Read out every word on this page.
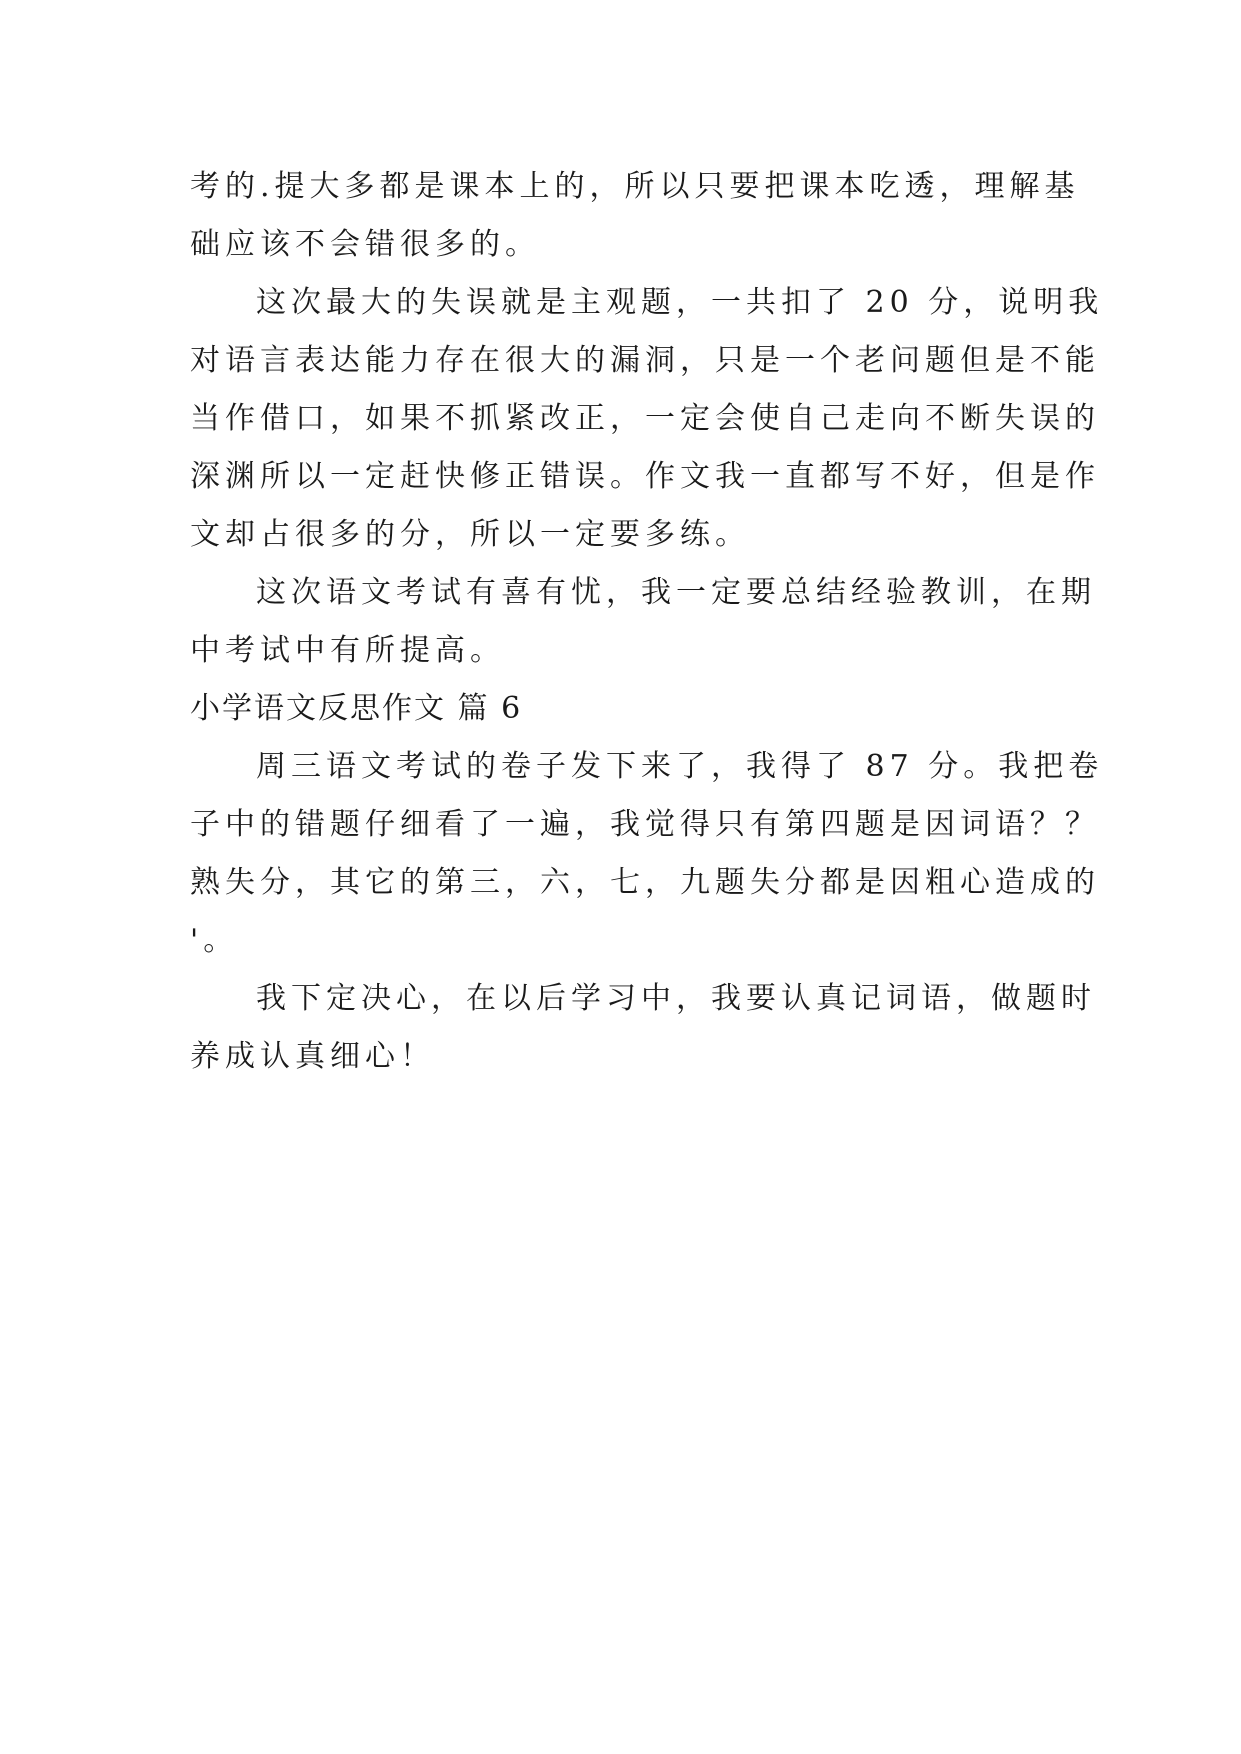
考的.提大多都是课本上的，所以只要把课本吃透，理解基
础应该不会错很多的。
这次最大的失误就是主观题，一共扣了 20 分，说明我
对语言表达能力存在很大的漏洞，只是一个老问题但是不能
当作借口，如果不抓紧改正，一定会使自己走向不断失误的
深渊所以一定赶快修正错误。作文我一直都写不好，但是作
文却占很多的分，所以一定要多练。
这次语文考试有喜有忧，我一定要总结经验教训，在期
中考试中有所提高。
小学语文反思作文 篇 6
周三语文考试的卷子发下来了，我得了 87 分。我把卷
子中的错题仔细看了一遍，我觉得只有第四题是因词语？？
熟失分，其它的第三，六，七，九题失分都是因粗心造成的
'。
我下定决心，在以后学习中，我要认真记词语，做题时
养成认真细心！
